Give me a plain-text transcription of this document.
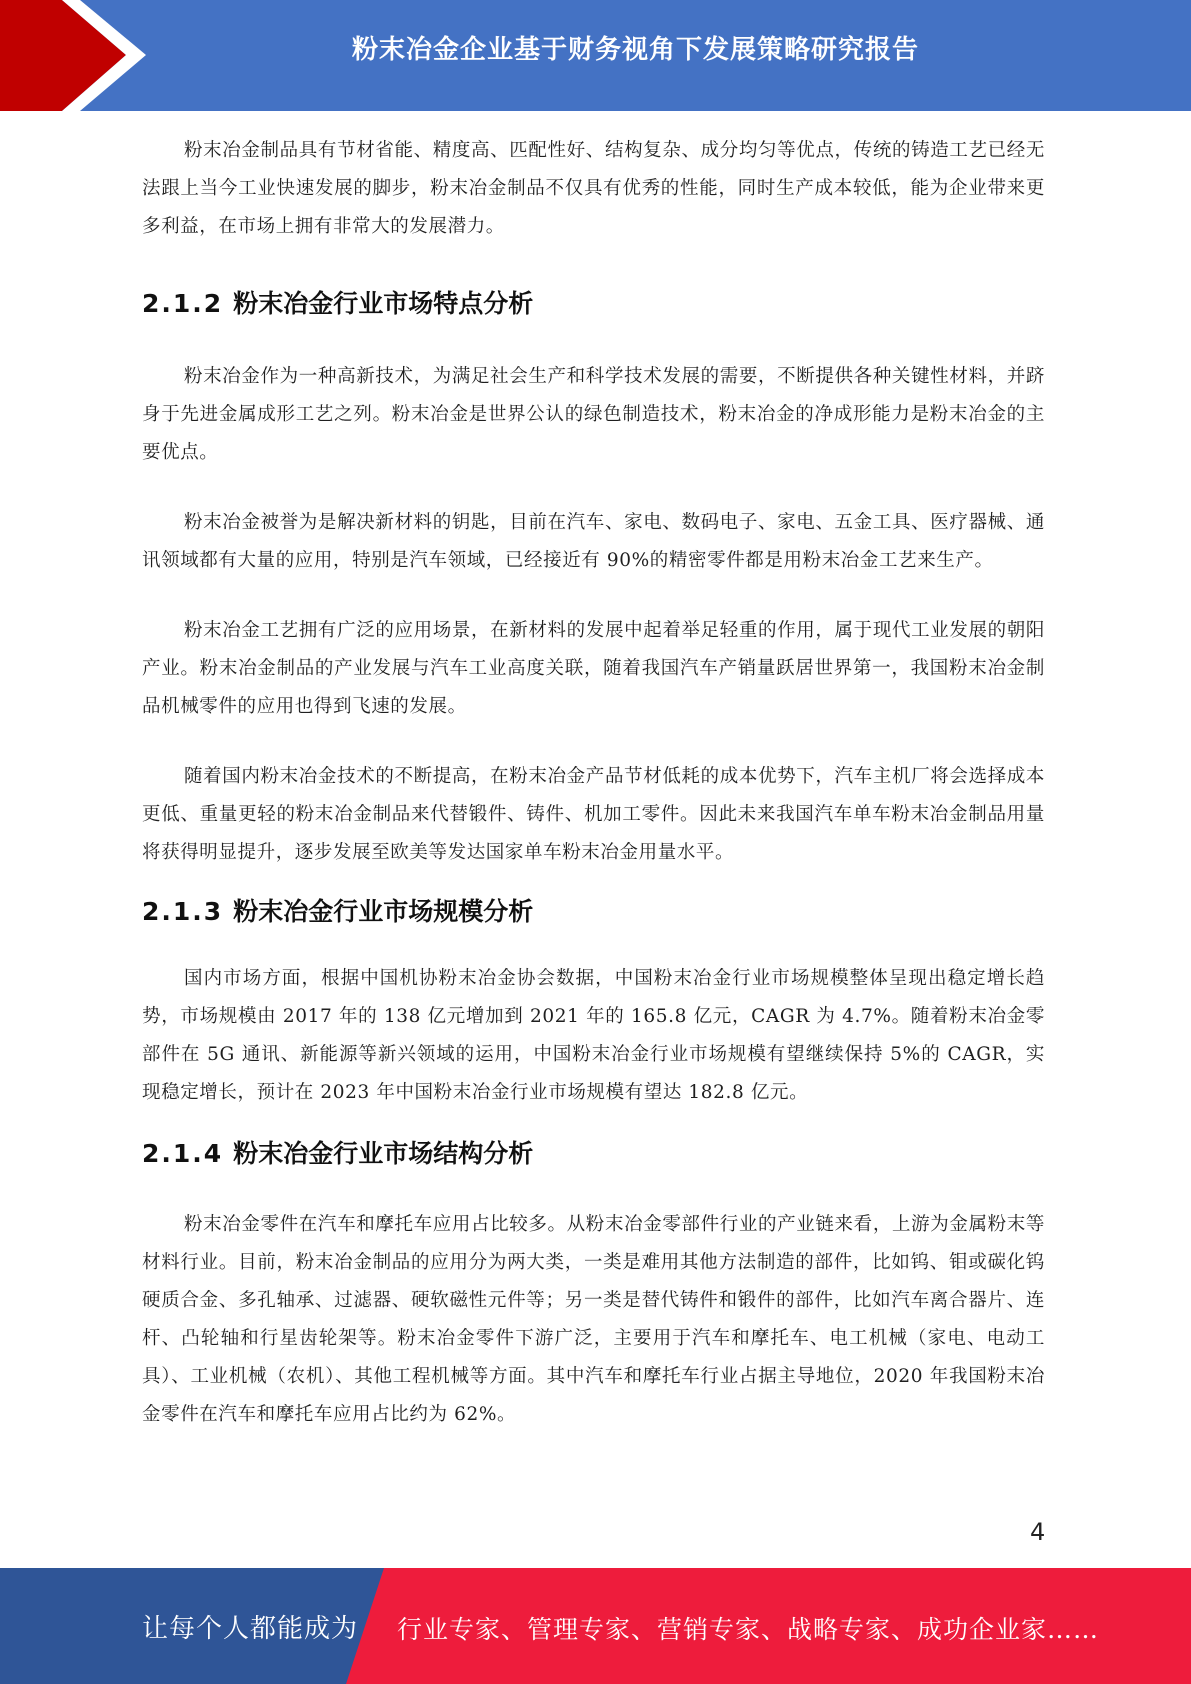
粉末冶金企业基于财务视角下发展策略研究报告

粉末冶金制品具有节材省能、精度高、匹配性好、结构复杂、成分均匀等优点，传统的铸造工艺已经无法跟上当今工业快速发展的脚步，粉末冶金制品不仅具有优秀的性能，同时生产成本较低，能为企业带来更多利益，在市场上拥有非常大的发展潜力。

2.1.2 粉末冶金行业市场特点分析

粉末冶金作为一种高新技术，为满足社会生产和科学技术发展的需要，不断提供各种关键性材料，并跻身于先进金属成形工艺之列。粉末冶金是世界公认的绿色制造技术，粉末冶金的净成形能力是粉末冶金的主要优点。

粉末冶金被誉为是解决新材料的钥匙，目前在汽车、家电、数码电子、家电、五金工具、医疗器械、通讯领域都有大量的应用，特别是汽车领域，已经接近有 90%的精密零件都是用粉末冶金工艺来生产。

粉末冶金工艺拥有广泛的应用场景，在新材料的发展中起着举足轻重的作用，属于现代工业发展的朝阳产业。粉末冶金制品的产业发展与汽车工业高度关联，随着我国汽车产销量跃居世界第一，我国粉末冶金制品机械零件的应用也得到飞速的发展。

随着国内粉末冶金技术的不断提高，在粉末冶金产品节材低耗的成本优势下，汽车主机厂将会选择成本更低、重量更轻的粉末冶金制品来代替锻件、铸件、机加工零件。因此未来我国汽车单车粉末冶金制品用量将获得明显提升，逐步发展至欧美等发达国家单车粉末冶金用量水平。

2.1.3 粉末冶金行业市场规模分析

国内市场方面，根据中国机协粉末冶金协会数据，中国粉末冶金行业市场规模整体呈现出稳定增长趋势，市场规模由 2017 年的 138 亿元增加到 2021 年的 165.8 亿元，CAGR 为 4.7%。随着粉末冶金零部件在 5G 通讯、新能源等新兴领域的运用，中国粉末冶金行业市场规模有望继续保持 5%的 CAGR，实现稳定增长，预计在 2023 年中国粉末冶金行业市场规模有望达 182.8 亿元。

2.1.4 粉末冶金行业市场结构分析

粉末冶金零件在汽车和摩托车应用占比较多。从粉末冶金零部件行业的产业链来看，上游为金属粉末等材料行业。目前，粉末冶金制品的应用分为两大类，一类是难用其他方法制造的部件，比如钨、钼或碳化钨硬质合金、多孔轴承、过滤器、硬软磁性元件等；另一类是替代铸件和锻件的部件，比如汽车离合器片、连杆、凸轮轴和行星齿轮架等。粉末冶金零件下游广泛，主要用于汽车和摩托车、电工机械（家电、电动工具）、工业机械（农机）、其他工程机械等方面。其中汽车和摩托车行业占据主导地位，2020 年我国粉末冶金零件在汽车和摩托车应用占比约为 62%。

4
让每个人都能成为 行业专家、管理专家、营销专家、战略专家、成功企业家……
